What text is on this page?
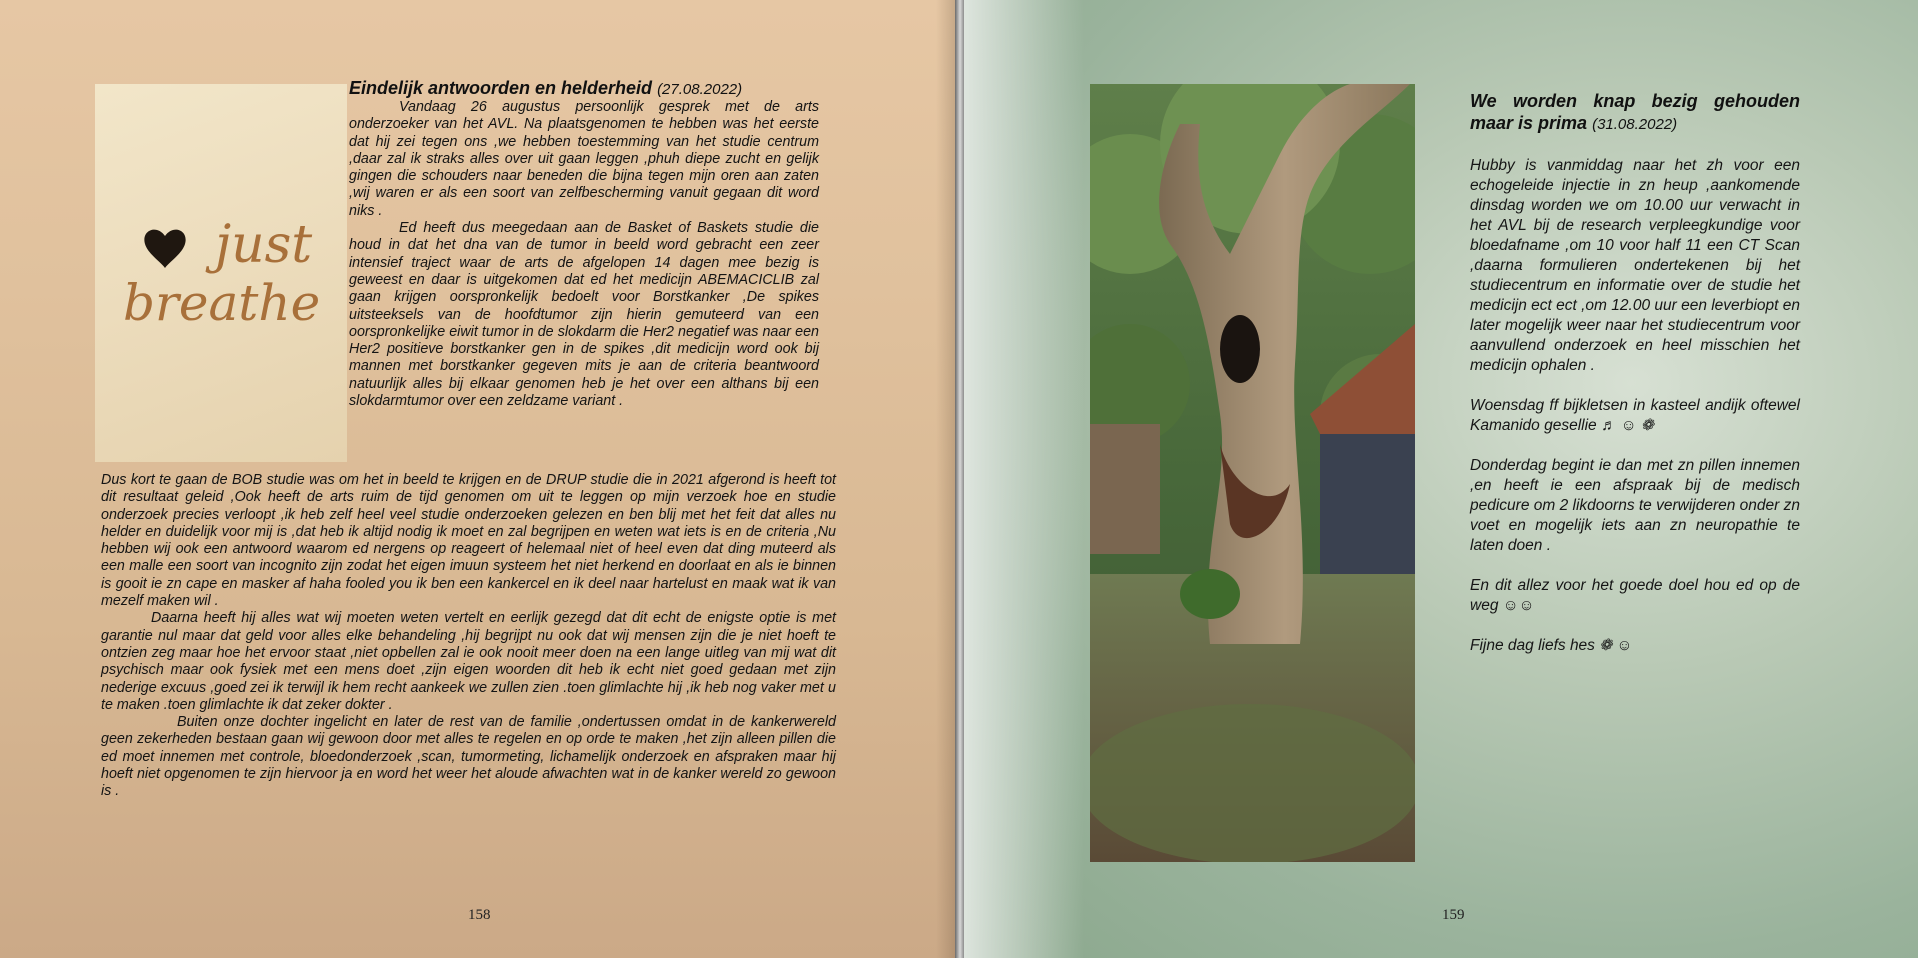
just
breathe
Eindelijk antwoorden en helderheid (27.08.2022)

Vandaag 26 augustus persoonlijk gesprek met de arts onderzoeker van het AVL. Na plaatsgenomen te hebben was het eerste dat hij zei tegen ons ,we hebben toestemming van het studie centrum ,daar zal ik straks alles over uit gaan leggen ,phuh diepe zucht en gelijk gingen die schouders naar beneden die bijna tegen mijn oren aan zaten ,wij waren er als een soort van zelfbescherming vanuit gegaan dit word niks .

Ed heeft dus meegedaan aan de Basket of Baskets studie die houd in dat het dna van de tumor in beeld word gebracht een zeer intensief traject waar de arts de afgelopen 14 dagen mee bezig is geweest en daar is uitgekomen dat ed het medicijn ABEMACICLIB zal gaan krijgen oorspronkelijk bedoelt voor Borstkanker ,De spikes uitsteeksels van de hoofdtumor zijn hierin gemuteerd van een oorspronkelijke eiwit tumor in de slokdarm die Her2 negatief was naar een Her2 positieve borstkanker gen in de spikes ,dit medicijn word ook bij mannen met borstkanker gegeven mits je aan de criteria beantwoord natuurlijk alles bij elkaar genomen heb je het over een althans bij een slokdarmtumor over een zeldzame variant .

Dus kort te gaan de BOB studie was om het in beeld te krijgen en de DRUP studie die in 2021 afgerond is heeft tot dit resultaat geleid ,Ook heeft de arts ruim de tijd genomen om uit te leggen op mijn verzoek hoe en studie onderzoek precies verloopt ,ik heb zelf heel veel studie onderzoeken gelezen en ben blij met het feit dat alles nu helder en duidelijk voor mij is ,dat heb ik altijd nodig ik moet en zal begrijpen en weten wat iets is en de criteria ,Nu hebben wij ook een antwoord waarom ed nergens op reageert of helemaal niet of heel even dat ding muteerd als een malle een soort van incognito zijn zodat het eigen imuun systeem het niet herkend en doorlaat en als ie binnen is gooit ie zn cape en masker af haha fooled you ik ben een kankercel en ik deel naar hartelust en maak wat ik van mezelf maken wil .

Daarna heeft hij alles wat wij moeten weten vertelt en eerlijk gezegd dat dit echt de enigste optie is met garantie nul maar dat geld voor alles elke behandeling ,hij begrijpt nu ook dat wij mensen zijn die je niet hoeft te ontzien zeg maar hoe het ervoor staat ,niet opbellen zal ie ook nooit meer doen na een lange uitleg van mij wat dit psychisch maar ook fysiek met een mens doet ,zijn eigen woorden dit heb ik echt niet goed gedaan met zijn nederige excuus ,goed zei ik terwijl ik hem recht aankeek we zullen zien .toen glimlachte hij ,ik heb nog vaker met u te maken .toen glimlachte ik dat zeker dokter .

Buiten onze dochter ingelicht en later de rest van de familie ,ondertussen omdat in de kankerwereld geen zekerheden bestaan gaan wij gewoon door met alles te regelen en op orde te maken ,het zijn alleen pillen die ed moet innemen met controle, bloedonderzoek ,scan, tumormeting, lichamelijk onderzoek en afspraken maar hij hoeft niet opgenomen te zijn hiervoor ja en word het weer het aloude afwachten wat in de kanker wereld zo gewoon is .

158
We worden knap bezig gehouden maar is prima (31.08.2022)

Hubby is vanmiddag naar het zh voor een echogeleide injectie in zn heup ,aankomende dinsdag worden we om 10.00 uur verwacht in het AVL bij de research verpleegkundige voor bloedafname ,om 10 voor half 11 een CT Scan ,daarna formulieren ondertekenen bij het studiecentrum en informatie over de studie het medicijn ect ect ,om 12.00 uur een leverbiopt en later mogelijk weer naar het studiecentrum voor aanvullend onderzoek en heel misschien het medicijn ophalen .

Woensdag ff bijkletsen in kasteel andijk oftewel Kamanido gesellie ♬ ☺ ❁

Donderdag begint ie dan met zn pillen innemen ,en heeft ie een afspraak bij de medisch pedicure om 2 likdoorns te verwijderen onder zn voet en mogelijk iets aan zn neuropathie te laten doen .

En dit allez voor het goede doel hou ed op de weg ☺☺

Fijne dag liefs hes ❁ ☺

159
